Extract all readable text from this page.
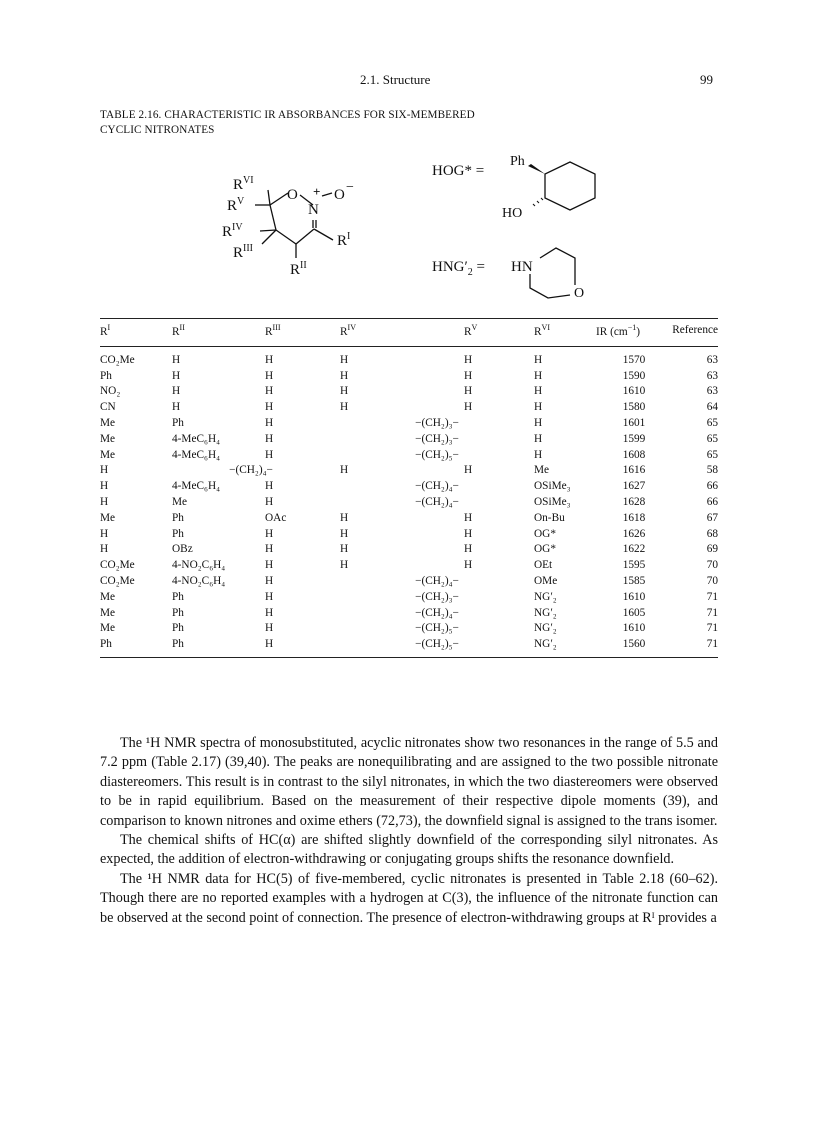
2.1. Structure	99
TABLE 2.16. CHARACTERISTIC IR ABSORBANCES FOR SIX-MEMBERED
CYCLIC NITRONATES
$R^{VI}$
$R^V$
$R^{IV}$
$R^{III}$
$R^{II}$
$R^I$
O +
N
O −
HOG* =
Ph
HO
$HNG'_2$ = HN
O
$R^I$	$R^{II}$	$R^{III}$	$R^{IV}$	$R^V$	$R^{VI}$	IR $(cm^{-1})$	Reference
CO₂Me	H	H	H	H	H	1570	63
Ph	H	H	H	H	H	1590	63
NO₂	H	H	H	H	H	1610	63
CN	H	H	H	H	H	1580	64
Me	Ph	H	−(CH₂)₃−		H	1601	65
Me	4-MeC₆H₄	H	−(CH₂)₃−		H	1599	65
Me	4-MeC₆H₄	H	−(CH₂)₅−		H	1608	65
H	−(CH₂)₄−		H	H	Me	1616	58
H	4-MeC₆H₄	H	−(CH₂)₄−		OSiMe₃	1627	66
H	Me	H	−(CH₂)₄−		OSiMe₃	1628	66
Me	Ph	OAc	H	H	On-Bu	1618	67
H	Ph	H	H	H	OG*	1626	68
H	OBz	H	H	H	OG*	1622	69
CO₂Me	4-NO₂C₆H₄	H	H	H	OEt	1595	70
CO₂Me	4-NO₂C₆H₄	H	−(CH₂)₄−		OMe	1585	70
Me	Ph	H	−(CH₂)₃−		NG′₂	1610	71
Me	Ph	H	−(CH₂)₄−		NG′₂	1605	71
Me	Ph	H	−(CH₂)₅−		NG′₂	1610	71
Ph	Ph	H	−(CH₂)₅−		NG′₂	1560	71

The ¹H NMR spectra of monosubstituted, acyclic nitronates show two resonances in the range of 5.5 and 7.2 ppm (Table 2.17) (39,40). The peaks are nonequilibrating and are assigned to the two possible nitronate diastereomers. This result is in contrast to the silyl nitronates, in which the two diastereomers were observed to be in rapid equilibrium. Based on the measurement of their respective dipole moments (39), and comparison to known nitrones and oxime ethers (72,73), the downfield signal is assigned to the trans isomer.

The chemical shifts of HC(α) are shifted slightly downfield of the corresponding silyl nitronates. As expected, the addition of electron-withdrawing or conjugating groups shifts the resonance downfield.

The ¹H NMR data for HC(5) of five-membered, cyclic nitronates is presented in Table 2.18 (60–62). Though there are no reported examples with a hydrogen at C(3), the influence of the nitronate function can be observed at the second point of connection. The presence of electron-withdrawing groups at Rᴵ provides a
